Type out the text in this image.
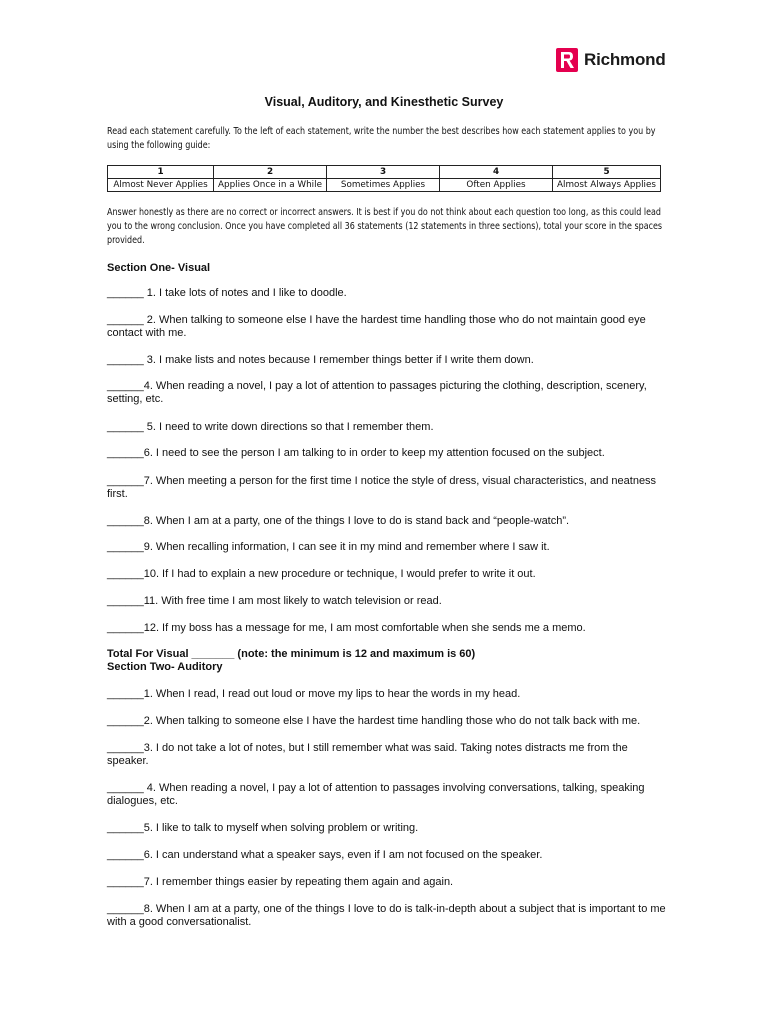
Richmond
Visual, Auditory, and Kinesthetic Survey
Read each statement carefully. To the left of each statement, write the number the best describes how each statement applies to you by using the following guide:
1	2	3	4	5
Almost Never Applies	Applies Once in a While	Sometimes Applies	Often Applies	Almost Always Applies
Answer honestly as there are no correct or incorrect answers. It is best if you do not think about each question too long, as this could lead you to the wrong conclusion. Once you have completed all 36 statements (12 statements in three sections), total your score in the spaces provided.
Section One- Visual
______ 1. I take lots of notes and I like to doodle.
______ 2. When talking to someone else I have the hardest time handling those who do not maintain good eye contact with me.
______ 3. I make lists and notes because I remember things better if I write them down.
______4. When reading a novel, I pay a lot of attention to passages picturing the clothing, description, scenery, setting, etc.
______ 5. I need to write down directions so that I remember them.
______6. I need to see the person I am talking to in order to keep my attention focused on the subject.
______7. When meeting a person for the first time I notice the style of dress, visual characteristics, and neatness first.
______8. When I am at a party, one of the things I love to do is stand back and “people-watch”.
______9. When recalling information, I can see it in my mind and remember where I saw it.
______10. If I had to explain a new procedure or technique, I would prefer to write it out.
______11. With free time I am most likely to watch television or read.
______12. If my boss has a message for me, I am most comfortable when she sends me a memo.
Total For Visual _______ (note: the minimum is 12 and maximum is 60)
Section Two- Auditory
______1. When I read, I read out loud or move my lips to hear the words in my head.
______2. When talking to someone else I have the hardest time handling those who do not talk back with me.
______3. I do not take a lot of notes, but I still remember what was said. Taking notes distracts me from the speaker.
______ 4. When reading a novel, I pay a lot of attention to passages involving conversations, talking, speaking dialogues, etc.
______5. I like to talk to myself when solving problem or writing.
______6. I can understand what a speaker says, even if I am not focused on the speaker.
______7. I remember things easier by repeating them again and again.
______8. When I am at a party, one of the things I love to do is talk-in-depth about a subject that is important to me with a good conversationalist.
